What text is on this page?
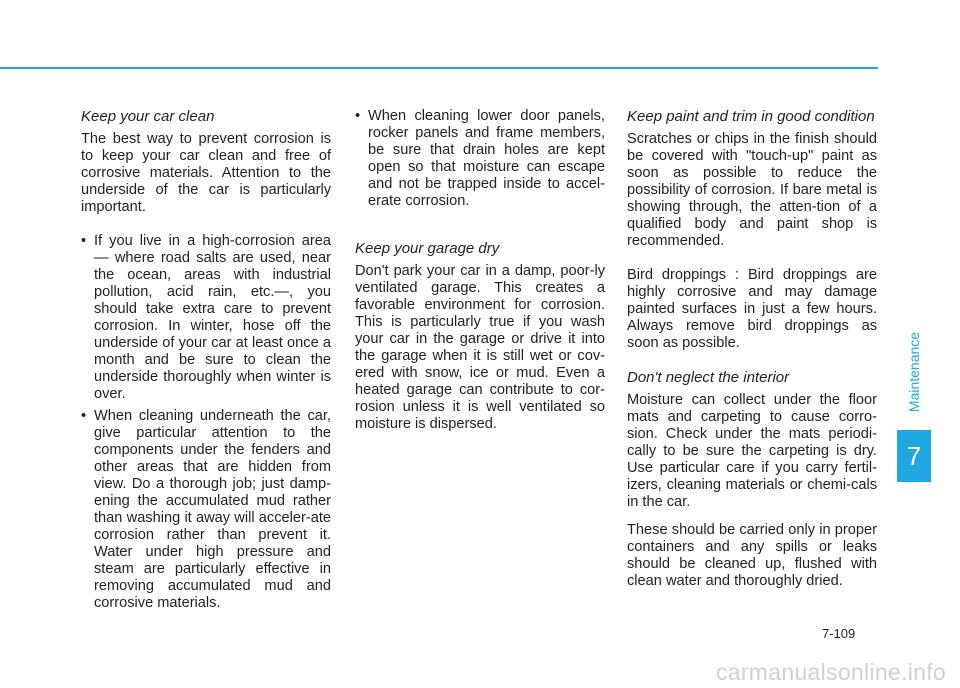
Keep your car clean

The best way to prevent corrosion is to keep your car clean and free of corrosive materials. Attention to the underside of the car is particularly important.

• If you live in a high-corrosion area — where road salts are used, near the ocean, areas with industrial pollution, acid rain, etc.—, you should take extra care to prevent corrosion. In winter, hose off the underside of your car at least once a month and be sure to clean the underside thoroughly when winter is over.
• When cleaning underneath the car, give particular attention to the components under the fenders and other areas that are hidden from view. Do a thorough job; just damp-ening the accumulated mud rather than washing it away will acceler-ate corrosion rather than prevent it. Water under high pressure and steam are particularly effective in removing accumulated mud and corrosive materials.
• When cleaning lower door panels, rocker panels and frame members, be sure that drain holes are kept open so that moisture can escape and not be trapped inside to accel-erate corrosion.
Keep your garage dry

Don't park your car in a damp, poor-ly ventilated garage. This creates a favorable environment for corrosion. This is particularly true if you wash your car in the garage or drive it into the garage when it is still wet or cov-ered with snow, ice or mud. Even a heated garage can contribute to cor-rosion unless it is well ventilated so moisture is dispersed.

Keep paint and trim in good condition

Scratches or chips in the finish should be covered with "touch-up" paint as soon as possible to reduce the possibility of corrosion. If bare metal is showing through, the atten-tion of a qualified body and paint shop is recommended.

Bird droppings : Bird droppings are highly corrosive and may damage painted surfaces in just a few hours. Always remove bird droppings as soon as possible.

Don't neglect the interior

Moisture can collect under the floor mats and carpeting to cause corro-sion. Check under the mats periodi-cally to be sure the carpeting is dry. Use particular care if you carry fertil-izers, cleaning materials or chemi-cals in the car.

These should be carried only in proper containers and any spills or leaks should be cleaned up, flushed with clean water and thoroughly dried.

Maintenance
7
7-109
carmanualsonline.info
